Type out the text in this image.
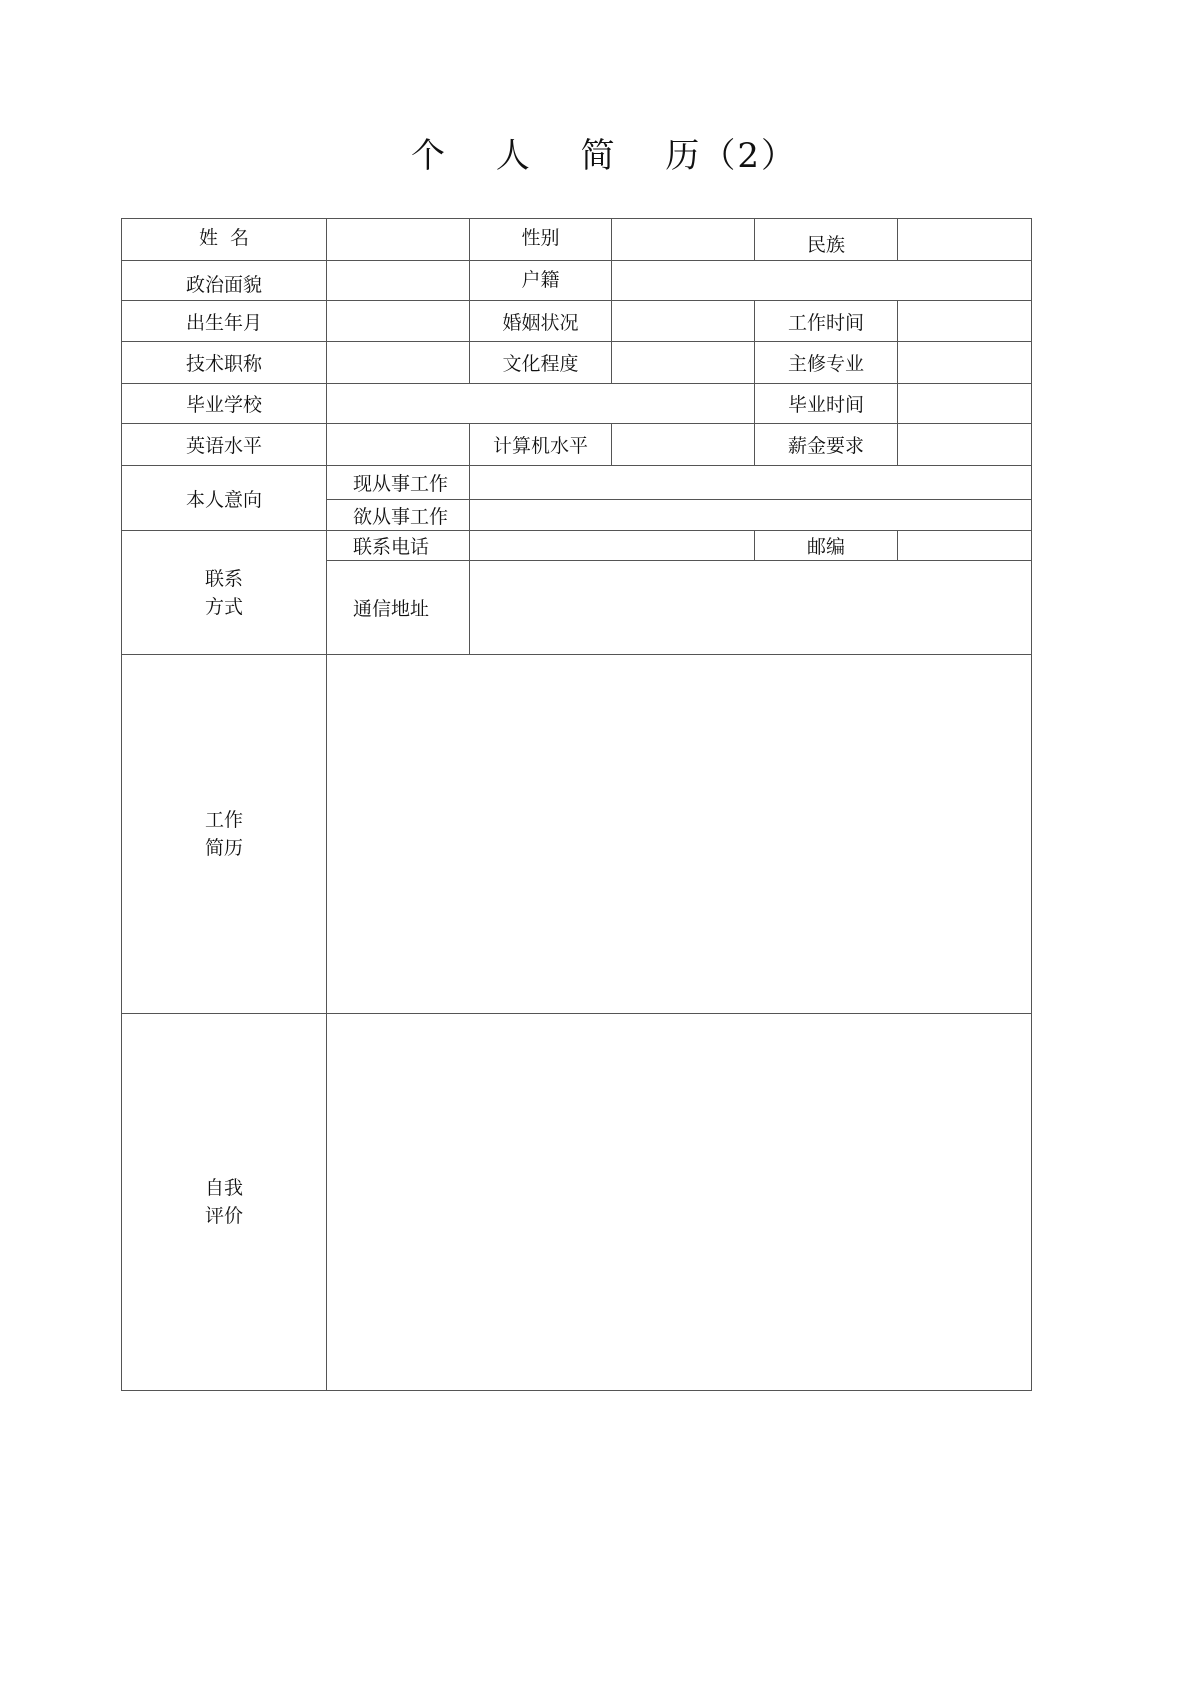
个 人 简 历（2）
姓  名		性别		民族	
政治面貌		户籍			
出生年月		婚姻状况		工作时间	
技术职称		文化程度		主修专业	
毕业学校				毕业时间	
英语水平		计算机水平		薪金要求	
本人意向	现从事工作				
	欲从事工作				

联系
方式	联系电话			邮编	
	通信地址				

工作
简历					

自我
评价					
